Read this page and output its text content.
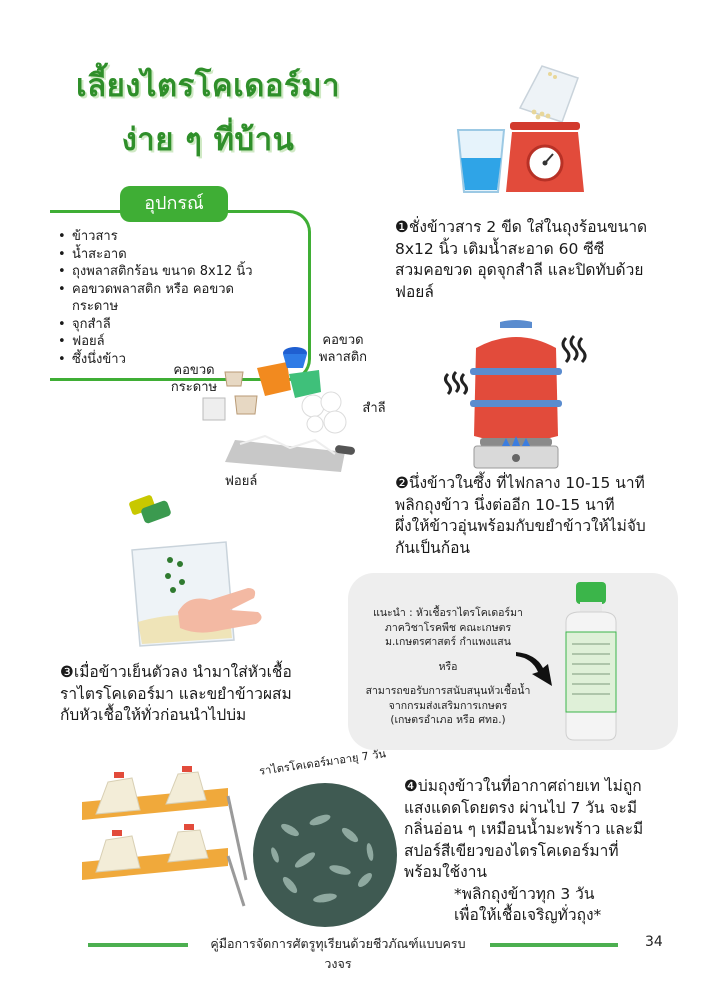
เลี้ยงไตรโคเดอร์มา
ง่าย ๆ ที่บ้าน
อุปกรณ์
• ข้าวสาร
• น้ำสะอาด
• ถุงพลาสติกร้อน ขนาด 8x12 นิ้ว
• คอขวดพลาสติก หรือ คอขวด
กระดาษ
• จุกสำลี
• ฟอยล์
• ซึ้งนึ่งข้าว
❶ชั่งข้าวสาร 2 ขีด ใส่ในถุงร้อนขนาด
8x12 นิ้ว เติมน้ำสะอาด 60 ซีซี
สวมคอขวด อุดจุกสำลี และปิดทับด้วย
ฟอยล์
คอขวด
พลาสติก
คอขวด
กระดาษ
สำลี
ฟอยล์	❷นึ่งข้าวในซึ้ง ที่ไฟกลาง 10-15 นาที
พลิกถุงข้าว นึ่งต่ออีก 10-15 นาที
ผึ่งให้ข้าวอุ่นพร้อมกับขยำข้าวให้ไม่จับ
กันเป็นก้อน
❸เมื่อข้าวเย็นตัวลง นำมาใส่หัวเชื้อ
ราไตรโคเดอร์มา และขยำข้าวผสม
กับหัวเชื้อให้ทั่วก่อนนำไปบ่ม
แนะนำ : หัวเชื้อราไตรโคเดอร์มา
ภาควิชาโรคพืช คณะเกษตร
ม.เกษตรศาสตร์ กำแพงแสน
หรือ
สามารถขอรับการสนับสนุนหัวเชื้อน้ำ
จากกรมส่งเสริมการเกษตร
(เกษตรอำเภอ หรือ ศทอ.)
ราไตรโคเดอร์มาอายุ 7 วัน
❹บ่มถุงข้าวในที่อากาศถ่ายเท ไม่ถูก
แสงแดดโดยตรง ผ่านไป 7 วัน จะมี
กลิ่นอ่อน ๆ เหมือนน้ำมะพร้าว และมี
สปอร์สีเขียวของไตรโคเดอร์มาที่
พร้อมใช้งาน
*พลิกถุงข้าวทุก 3 วัน
เพื่อให้เชื้อเจริญทั่วถุง*
คู่มือการจัดการศัตรูทุเรียนด้วยชีวภัณฑ์แบบครบวงจร
34
